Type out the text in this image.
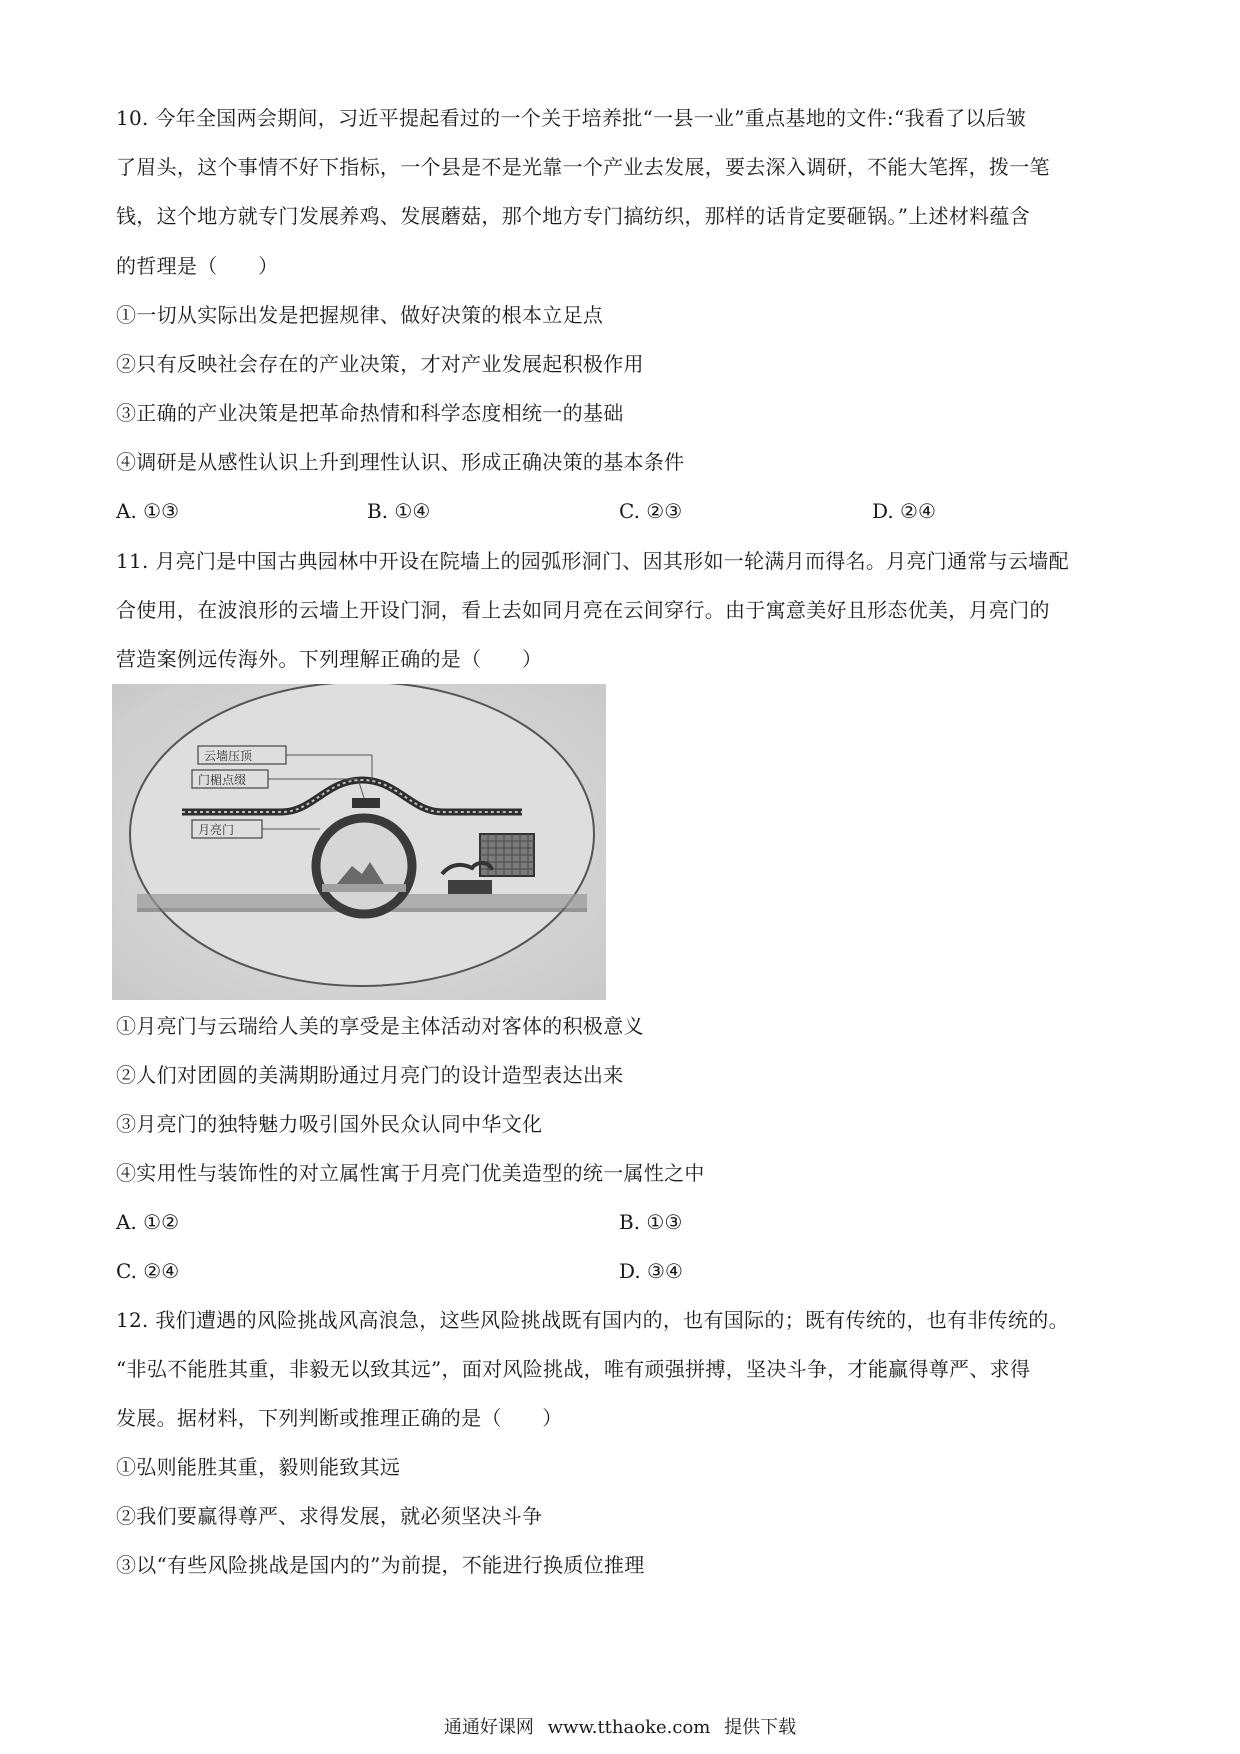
10. 今年全国两会期间，习近平提起看过的一个关于培养批“一县一业”重点基地的文件:“我看了以后皱
了眉头，这个事情不好下指标，一个县是不是光靠一个产业去发展，要去深入调研，不能大笔挥，拨一笔
钱，这个地方就专门发展养鸡、发展蘑菇，那个地方专门搞纺织，那样的话肯定要砸锅。”上述材料蕴含
的哲理是（　　）
①一切从实际出发是把握规律、做好决策的根本立足点
②只有反映社会存在的产业决策，才对产业发展起积极作用
③正确的产业决策是把革命热情和科学态度相统一的基础
④调研是从感性认识上升到理性认识、形成正确决策的基本条件
A. ①③	B. ①④	C. ②③	D. ②④
11. 月亮门是中国古典园林中开设在院墙上的园弧形洞门、因其形如一轮满月而得名。月亮门通常与云墙配
合使用，在波浪形的云墙上开设门洞，看上去如同月亮在云间穿行。由于寓意美好且形态优美，月亮门的
营造案例远传海外。下列理解正确的是（　　）
云墙压顶
门楣点缀
月亮门
①月亮门与云瑞给人美的享受是主体活动对客体的积极意义
②人们对团圆的美满期盼通过月亮门的设计造型表达出来
③月亮门的独特魅力吸引国外民众认同中华文化
④实用性与装饰性的对立属性寓于月亮门优美造型的统一属性之中
A. ①②	B. ①③
C. ②④	D. ③④
12. 我们遭遇的风险挑战风高浪急，这些风险挑战既有国内的，也有国际的；既有传统的，也有非传统的。
“非弘不能胜其重，非毅无以致其远”，面对风险挑战，唯有顽强拼搏，坚决斗争，才能赢得尊严、求得
发展。据材料，下列判断或推理正确的是（　　）
①弘则能胜其重，毅则能致其远
②我们要赢得尊严、求得发展，就必须坚决斗争
③以“有些风险挑战是国内的”为前提，不能进行换质位推理
通通好课网 www.tthaoke.com 提供下载
